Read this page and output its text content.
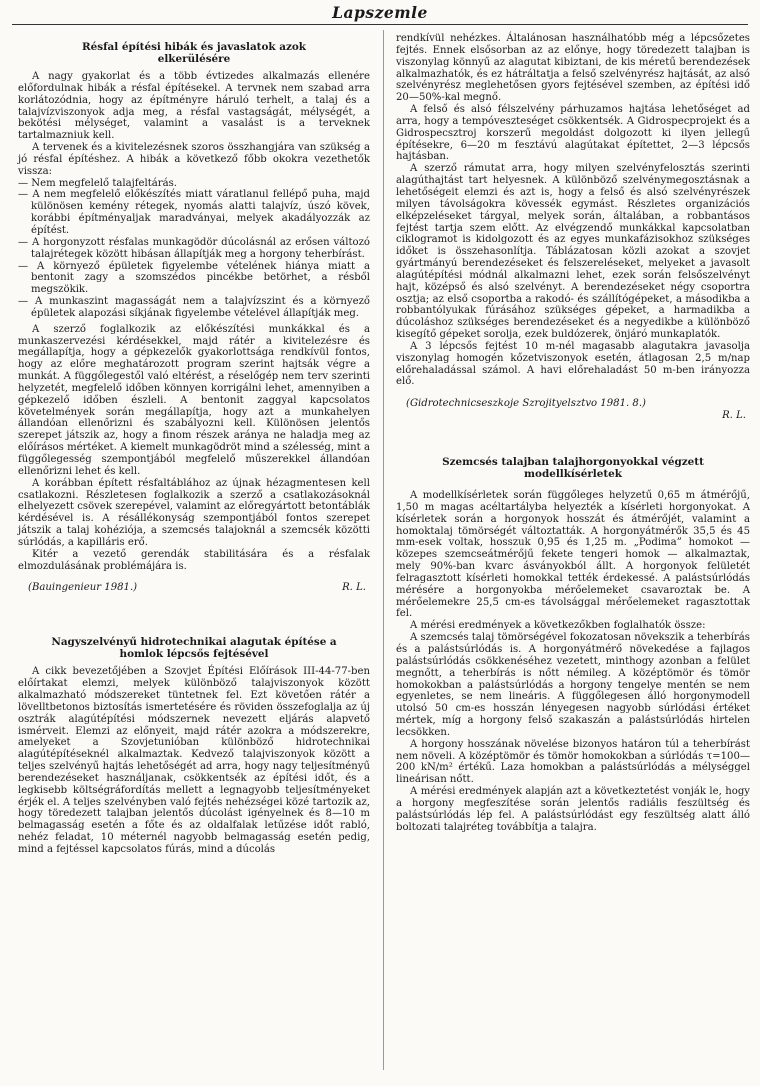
Lapszemle
Résfal építési hibák és javaslatok azok
elkerülésére

A nagy gyakorlat és a több évtizedes alkalmazás ellenére előfordulnak hibák a résfal építésekel. A tervnek nem szabad arra korlátozódnia, hogy az építményre háruló terhelt, a talaj és a talajvízviszonyok adja meg, a résfal vastagságát, mélységét, a bekötési mélységet, valamint a vasalást is a terveknek tartalmazniuk kell.

A tervenek és a kivitelezésnek szoros összhangjára van szükség a jó résfal építéshez. A hibák a következő főbb okokra vezethetők vissza:

— Nem megfelelő talajfeltárás.

— A nem megfelelő előkészítés miatt váratlanul fellépő puha, majd különösen kemény rétegek, nyomás alatti talajvíz, úszó kövek, korábbi építményaljak maradványai, melyek akadályozzák az építést.

— A horgonyzott résfalas munkagödör dúcolásnál az erősen változó talajrétegek között hibásan állapítják meg a horgony teherbírást.

— A környező épületek figyelembe vételének hiánya miatt a bentonit zagy a szomszédos pincékbe betörhet, a résből megszökik.

— A munkaszint magasságát nem a talajvízszint és a környező épületek alapozási síkjának figyelembe vételével állapítják meg.

A szerző foglalkozik az előkészítési munkákkal és a munkaszervezési kérdésekkel, majd rátér a kivitelezésre és megállapítja, hogy a gépkezelők gyakorlottsága rendkívül fontos, hogy az előre meghatározott program szerint hajtsák végre a munkát. A függőlegestől való eltérést, a réselőgép nem terv szerinti helyzetét, megfelelő időben könnyen korrigálni lehet, amennyiben a gépkezelő időben észleli. A bentonit zaggyal kapcsolatos követelmények során megállapítja, hogy azt a munkahelyen állandóan ellenőrizni és szabályozni kell. Különösen jelentős szerepet játszik az, hogy a finom részek aránya ne haladja meg az előírásos mértéket. A kiemelt munkagödröt mind a szélesség, mint a függőlegesség szempontjából megfelelő műszerekkel állandóan ellenőrizni lehet és kell.

A korábban épített résfaltáblához az újnak hézagmentesen kell csatlakozni. Részletesen foglalkozik a szerző a csatlakozásoknál elhelyezett csövek szerepével, valamint az előregyártott betontáblák kérdésével is. A résállékonyság szempontjából fontos szerepet játszik a talaj kohéziója, a szemcsés talajoknál a szemcsék közötti súrlódás, a kapilláris erő.

Kitér a vezető gerendák stabilitására és a résfalak elmozdulásának problémájára is.

(Bauingenieur 1981.)	R. L.
Nagyszelvényű hidrotechnikai alagutak építése a
homlok lépcsős fejtésével

A cikk bevezetőjében a Szovjet Építési Előírások III-44-77-ben előírtakat elemzi, melyek különböző talajviszonyok között alkalmazható módszereket tüntetnek fel. Ezt követően rátér a lövelltbetonos biztosítás ismertetésére és röviden összefoglalja az új osztrák alagútépítési módszernek nevezett eljárás alapvető ismérveit. Elemzi az előnyeit, majd rátér azokra a módszerekre, amelyeket a Szovjetunióban különböző hidrotechnikai alagútépítéseknél alkalmaztak. Kedvező talajviszonyok között a teljes szelvényű hajtás lehetőségét ad arra, hogy nagy teljesítményű berendezéseket használjanak, csökkentsék az építési időt, és a legkisebb költségráfordítás mellett a legnagyobb teljesítményeket érjék el. A teljes szelvényben való fejtés nehézségei közé tartozik az, hogy töredezett talajban jelentős dúcolást igényelnek és 8—10 m belmagasság esetén a főte és az oldalfalak letűzése időt rabló, nehéz feladat, 10 méternél nagyobb belmagasság esetén pedig, mind a fejtéssel kapcsolatos fúrás, mind a dúcolás

rendkívül nehézkes. Általánosan használhatóbb még a lépcsőzetes fejtés. Ennek elsősorban az az előnye, hogy töredezett talajban is viszonylag könnyű az alagutat kibiztani, de kis méretű berendezések alkalmazhatók, és ez hátráltatja a felső szelvényrész hajtását, az alsó szelvényrész meglehetősen gyors fejtésével szemben, az építési idő 20—50%-kal megnő.

A felső és alsó félszelvény párhuzamos hajtása lehetőséget ad arra, hogy a tempóveszteséget csökkentsék. A Gidrospecprojekt és a Gidrospecsztroj korszerű megoldást dolgozott ki ilyen jellegű építésekre, 6—20 m fesztávú alagútakat építettet, 2—3 lépcsős hajtásban.

A szerző rámutat arra, hogy milyen szelvényfelosztás szerinti alagúthajtást tart helyesnek. A különböző szelvénymegosztásnak a lehetőségeit elemzi és azt is, hogy a felső és alsó szelvényrészek milyen távolságokra kövessék egymást. Részletes organizációs elképzeléseket tárgyal, melyek során, általában, a robbantásos fejtést tartja szem előtt. Az elvégzendő munkákkal kapcsolatban ciklogramot is kidolgozott és az egyes munkafázisokhoz szükséges időket is összehasonlítja. Táblázatosan közli azokat a szovjet gyártmányú berendezéseket és felszereléseket, melyeket a javasolt alagútépítési módnál alkalmazni lehet, ezek során felsőszelvényt hajt, középső és alsó szelvényt. A berendezéseket négy csoportra osztja; az első csoportba a rakodó- és szállítógépeket, a másodikba a robbantólyukak fúrásához szükséges gépeket, a harmadikba a dúcoláshoz szükséges berendezéseket és a negyedikbe a különböző kisegítő gépeket sorolja, ezek buldózerek, önjáró munkaplatók.

A 3 lépcsős fejtést 10 m-nél magasabb alagutakra javasolja viszonylag homogén kőzetviszonyok esetén, átlagosan 2,5 m/nap előrehaladással számol. A havi előrehaladást 50 m-ben irányozza elő.

(Gidrotechnicseszkoje Szrojityelsztvo 1981. 8.)
R. L.
Szemcsés talajban talajhorgonyokkal végzett
modellkísérletek

A modellkísérletek során függőleges helyzetű 0,65 m átmérőjű, 1,50 m magas acéltartályba helyezték a kísérleti horgonyokat. A kísérletek során a horgonyok hosszát és átmérőjét, valamint a homoktalaj tömörségét változtatták. A horgonyátmérők 35,5 és 45 mm-esek voltak, hosszuk 0,95 és 1,25 m. „Podima” homokot — közepes szemcseátmérőjű fekete tengeri homok — alkalmaztak, mely 90%-ban kvarc ásványokból állt. A horgonyok felületét felragasztott kísérleti homokkal tették érdekessé. A palástsúrlódás mérésére a horgonyokba mérőelemeket csavaroztak be. A mérőelemekre 25,5 cm-es távolsággal mérőelemeket ragasztottak fel.

A mérési eredmények a következőkben foglalhatók össze:

A szemcsés talaj tömörségével fokozatosan növekszik a teherbírás és a palástsúrlódás is. A horgonyátmérő növekedése a fajlagos palástsúrlódás csökkenéséhez vezetett, minthogy azonban a felület megnőtt, a teherbírás is nőtt némileg. A középtömör és tömör homokokban a palástsúrlódás a horgony tengelye mentén se nem egyenletes, se nem lineáris. A függőlegesen álló horgonymodell utolsó 50 cm-es hosszán lényegesen nagyobb súrlódási értéket mértek, míg a horgony felső szakaszán a palástsúrlódás hirtelen lecsökken.

A horgony hosszának növelése bizonyos határon túl a teherbírást nem növeli. A középtömör és tömör homokokban a súrlódás τ=100—200 kN/m² értékű. Laza homokban a palástsúrlódás a mélységgel lineárisan nőtt.

A mérési eredmények alapján azt a következtetést vonják le, hogy a horgony megfeszítése során jelentős radiális feszültség és palástsúrlódás lép fel. A palástsúrlódást egy feszültség alatt álló boltozati talajréteg továbbítja a talajra.
